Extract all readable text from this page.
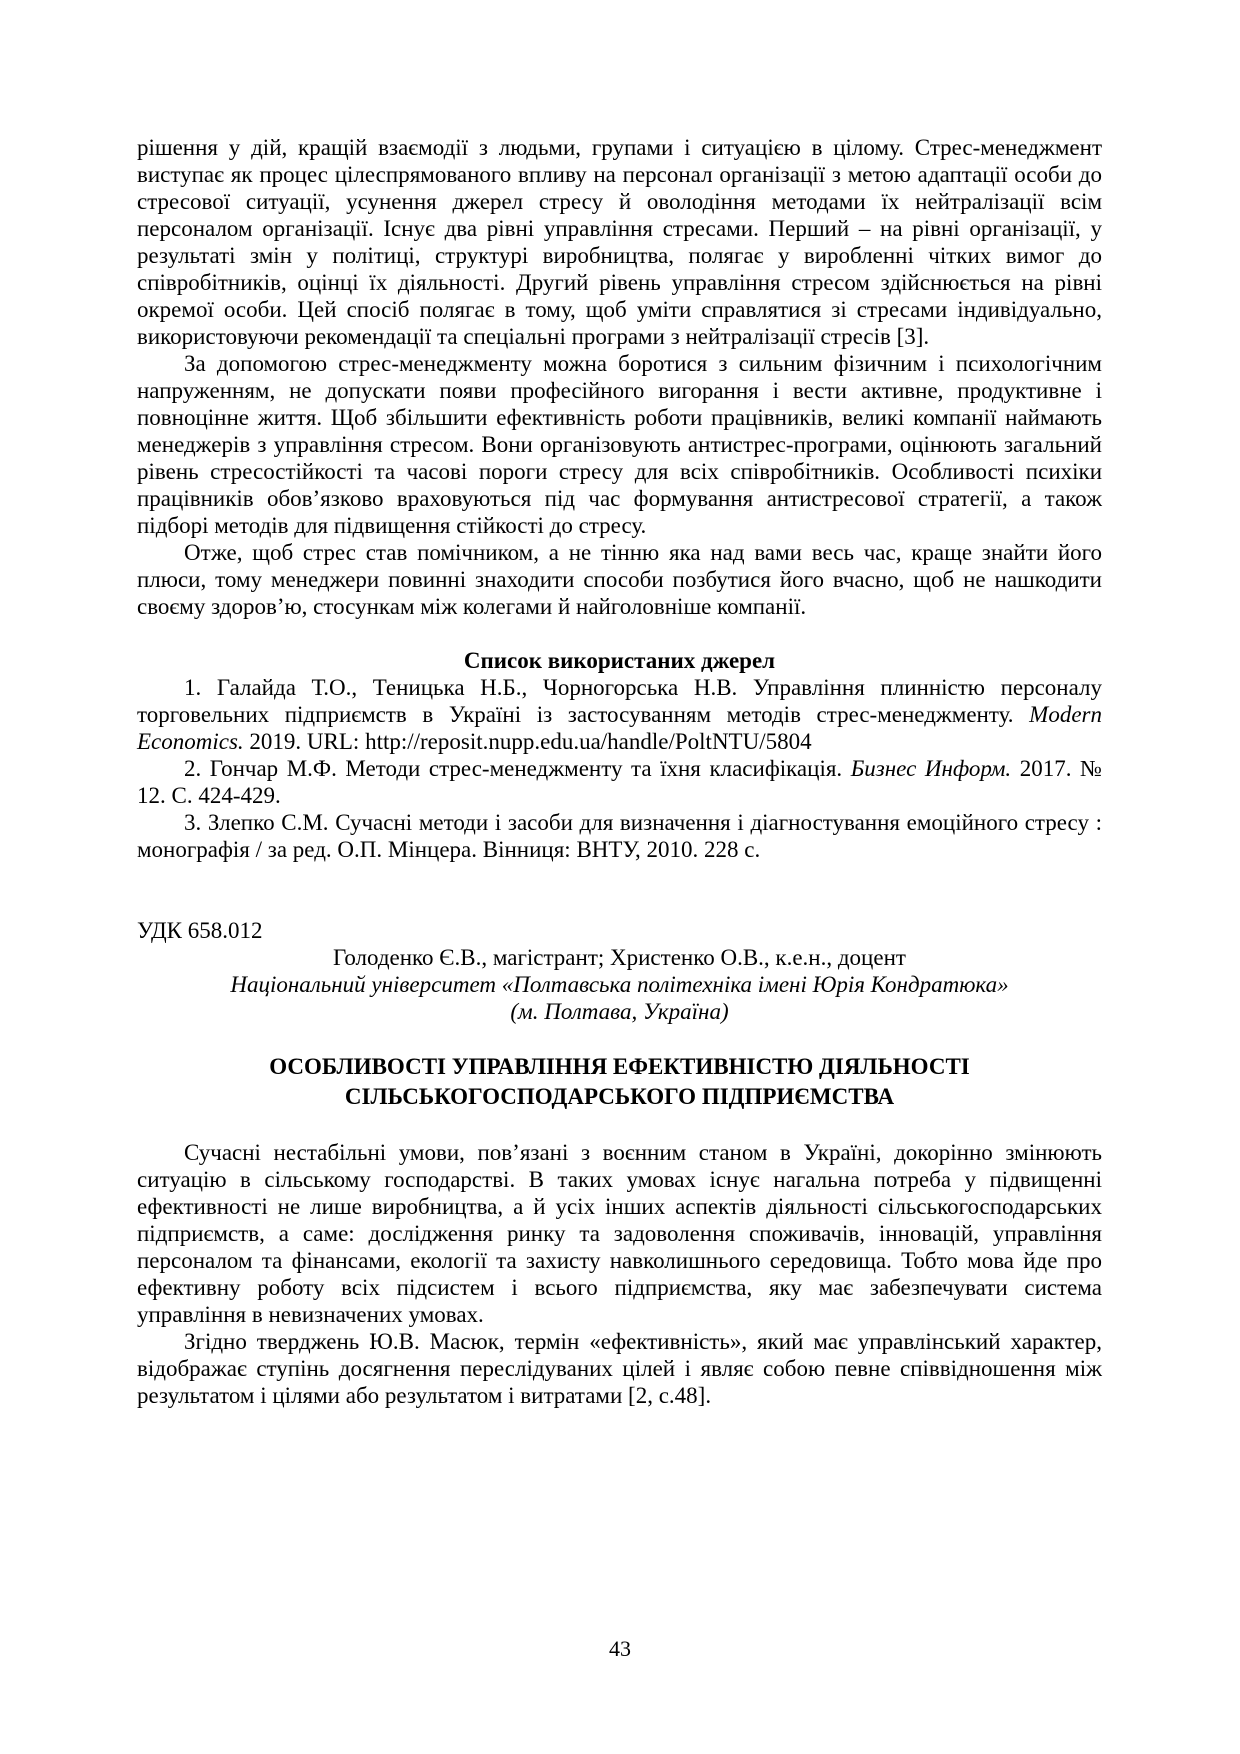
рішення у дій, кращій взаємодії з людьми, групами і ситуацією в цілому. Стрес-менеджмент виступає як процес цілеспрямованого впливу на персонал організації з метою адаптації особи до стресової ситуації, усунення джерел стресу й оволодіння методами їх нейтралізації всім персоналом організації. Існує два рівні управління стресами. Перший – на рівні організації, у результаті змін у політиці, структурі виробництва, полягає у виробленні чітких вимог до співробітників, оцінці їх діяльності. Другий рівень управління стресом здійснюється на рівні окремої особи. Цей спосіб полягає в тому, щоб уміти справлятися зі стресами індивідуально, використовуючи рекомендації та спеціальні програми з нейтралізації стресів [3].

За допомогою стрес-менеджменту можна боротися з сильним фізичним і психологічним напруженням, не допускати появи професійного вигорання і вести активне, продуктивне і повноцінне життя. Щоб збільшити ефективність роботи працівників, великі компанії наймають менеджерів з управління стресом. Вони організовують антистрес-програми, оцінюють загальний рівень стресостійкості та часові пороги стресу для всіх співробітників. Особливості психіки працівників обов’язково враховуються під час формування антистресової стратегії, а також підборі методів для підвищення стійкості до стресу.

Отже, щоб стрес став помічником, а не тінню яка над вами весь час, краще знайти його плюси, тому менеджери повинні знаходити способи позбутися його вчасно, щоб не нашкодити своєму здоров’ю, стосункам між колегами й найголовніше компанії.

Список використаних джерел

1. Галайда Т.О., Теницька Н.Б., Чорногорська Н.В. Управління плинністю персоналу торговельних підприємств в Україні із застосуванням методів стрес-менеджменту. Modern Economics. 2019. URL: http://reposit.nupp.edu.ua/handle/PoltNTU/5804

2. Гончар М.Ф. Методи стрес-менеджменту та їхня класифікація. Бизнес Информ. 2017. № 12. С. 424-429.

3. Злепко С.М. Сучасні методи і засоби для визначення і діагностування емоційного стресу : монографія / за ред. О.П. Мінцера. Вінниця: ВНТУ, 2010. 228 с.

УДК 658.012

Голоденко Є.В., магістрант; Христенко О.В., к.е.н., доцент

Національний університет «Полтавська політехніка імені Юрія Кондратюка»

(м. Полтава, Україна)

ОСОБЛИВОСТІ УПРАВЛІННЯ ЕФЕКТИВНІСТЮ ДІЯЛЬНОСТІ СІЛЬСЬКОГОСПОДАРСЬКОГО ПІДПРИЄМСТВА

Сучасні нестабільні умови, пов’язані з воєнним станом в Україні, докорінно змінюють ситуацію в сільському господарстві. В таких умовах існує нагальна потреба у підвищенні ефективності не лише виробництва, а й усіх інших аспектів діяльності сільськогосподарських підприємств, а саме: дослідження ринку та задоволення споживачів, інновацій, управління персоналом та фінансами, екології та захисту навколишнього середовища. Тобто мова йде про ефективну роботу всіх підсистем і всього підприємства, яку має забезпечувати система управління в невизначених умовах.

Згідно тверджень Ю.В. Масюк, термін «ефективність», який має управлінський характер, відображає ступінь досягнення переслідуваних цілей і являє собою певне співвідношення між результатом і цілями або результатом і витратами [2, с.48].

43
